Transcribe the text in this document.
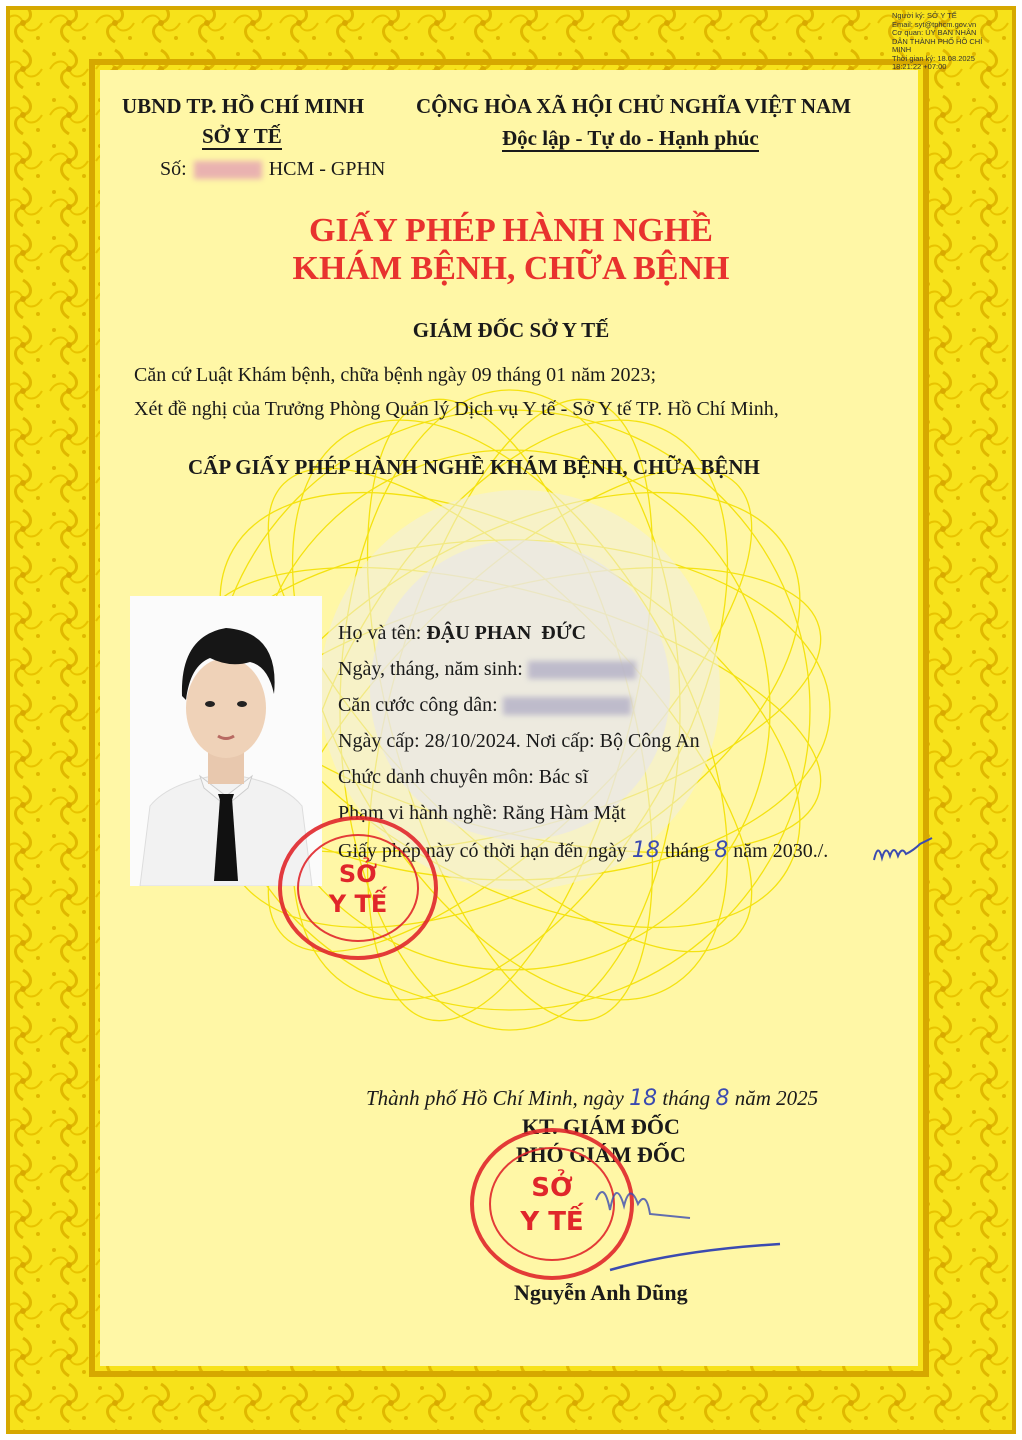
Người ký: SỞ Y TẾ
Email: syt@tphcm.gov.vn
Cơ quan: ỦY BAN NHÂN
DÂN THÀNH PHỐ HỒ CHÍ
MINH
Thời gian ký: 18.08.2025
18:21:22 +07:00
UBND TP. HỒ CHÍ MINH
SỞ Y TẾ
Số:	HCM - GPHN
CỘNG HÒA XÃ HỘI CHỦ NGHĨA VIỆT NAM
Độc lập - Tự do - Hạnh phúc
GIẤY PHÉP HÀNH NGHỀ
KHÁM BỆNH, CHỮA BỆNH
GIÁM ĐỐC SỞ Y TẾ
Căn cứ Luật Khám bệnh, chữa bệnh ngày 09 tháng 01 năm 2023;
Xét đề nghị của Trưởng Phòng Quản lý Dịch vụ Y tế - Sở Y tế TP. Hồ Chí Minh,
CẤP GIẤY PHÉP HÀNH NGHỀ KHÁM BỆNH, CHỮA BỆNH
Họ và tên: ĐẬU PHAN  ĐỨC
Ngày, tháng, năm sinh:
Căn cước công dân:
Ngày cấp: 28/10/2024. Nơi cấp: Bộ Công An
Chức danh chuyên môn: Bác sĩ
Phạm vi hành nghề: Răng Hàm Mặt
Giấy phép này có thời hạn đến ngày 18 tháng 8 năm 2030./.
SỞ
Y TẾ
Thành phố Hồ Chí Minh, ngày 18 tháng 8 năm 2025
KT. GIÁM ĐỐC
PHÓ GIÁM ĐỐC
SỞ
Y TẾ
Nguyễn Anh Dũng
